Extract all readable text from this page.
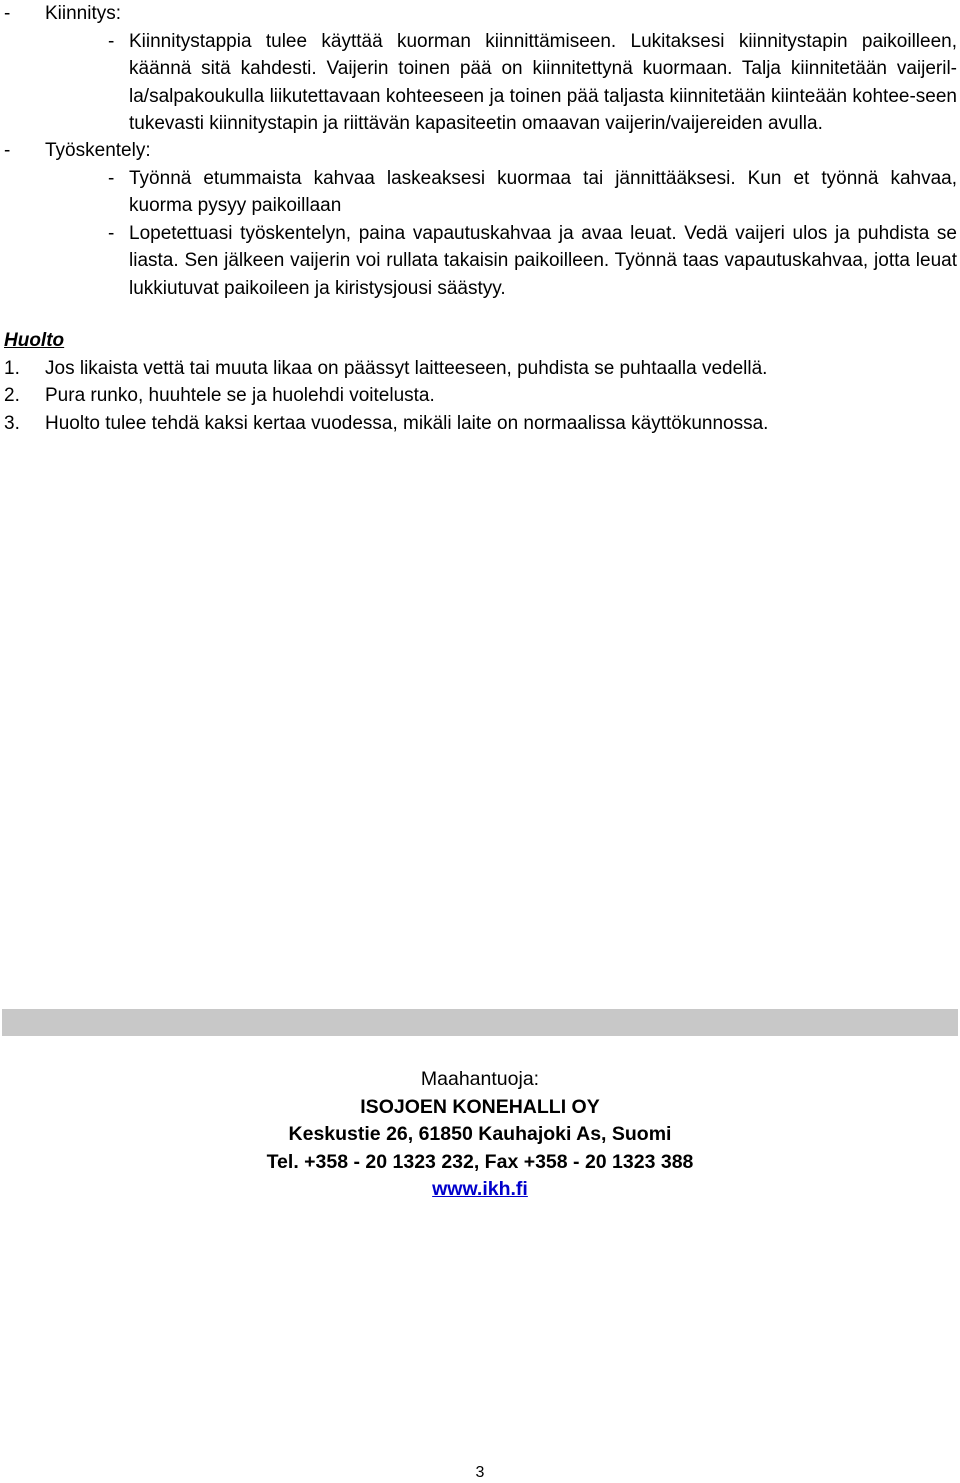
- Kiinnitys:
- Kiinnitystappia tulee käyttää kuorman kiinnittämiseen. Lukitaksesi kiinnitystapin paikoilleen, käännä sitä kahdesti. Vaijerin toinen pää on kiinnitettynä kuormaan. Talja kiinnitetään vaijeril-la/salpakoukulla liikutettavaan kohteeseen ja toinen pää taljasta kiinnitetään kiinteään kohtee-seen tukevasti kiinnitystapin ja riittävän kapasiteetin omaavan vaijerin/vaijereiden avulla.
- Työskentely:
- Työnnä etummaista kahvaa laskeaksesi kuormaa tai jännittääksesi. Kun et työnnä kahvaa, kuorma pysyy paikoillaan
- Lopetettuasi työskentelyn, paina vapautuskahvaa ja avaa leuat. Vedä vaijeri ulos ja puhdista se liasta. Sen jälkeen vaijerin voi rullata takaisin paikoilleen. Työnnä taas vapautuskahvaa, jotta leuat lukkiutuvat paikoileen ja kiristysjousi säästyy.
Huolto
1. Jos likaista vettä tai muuta likaa on päässyt laitteeseen, puhdista se puhtaalla vedellä.
2. Pura runko, huuhtele se ja huolehdi voitelusta.
3. Huolto tulee tehdä kaksi kertaa vuodessa, mikäli laite on normaalissa käyttökunnossa.
Maahantuoja:
ISOJOEN KONEHALLI OY
Keskustie 26, 61850 Kauhajoki As, Suomi
Tel. +358 - 20 1323 232, Fax +358 - 20 1323 388
www.ikh.fi
3
